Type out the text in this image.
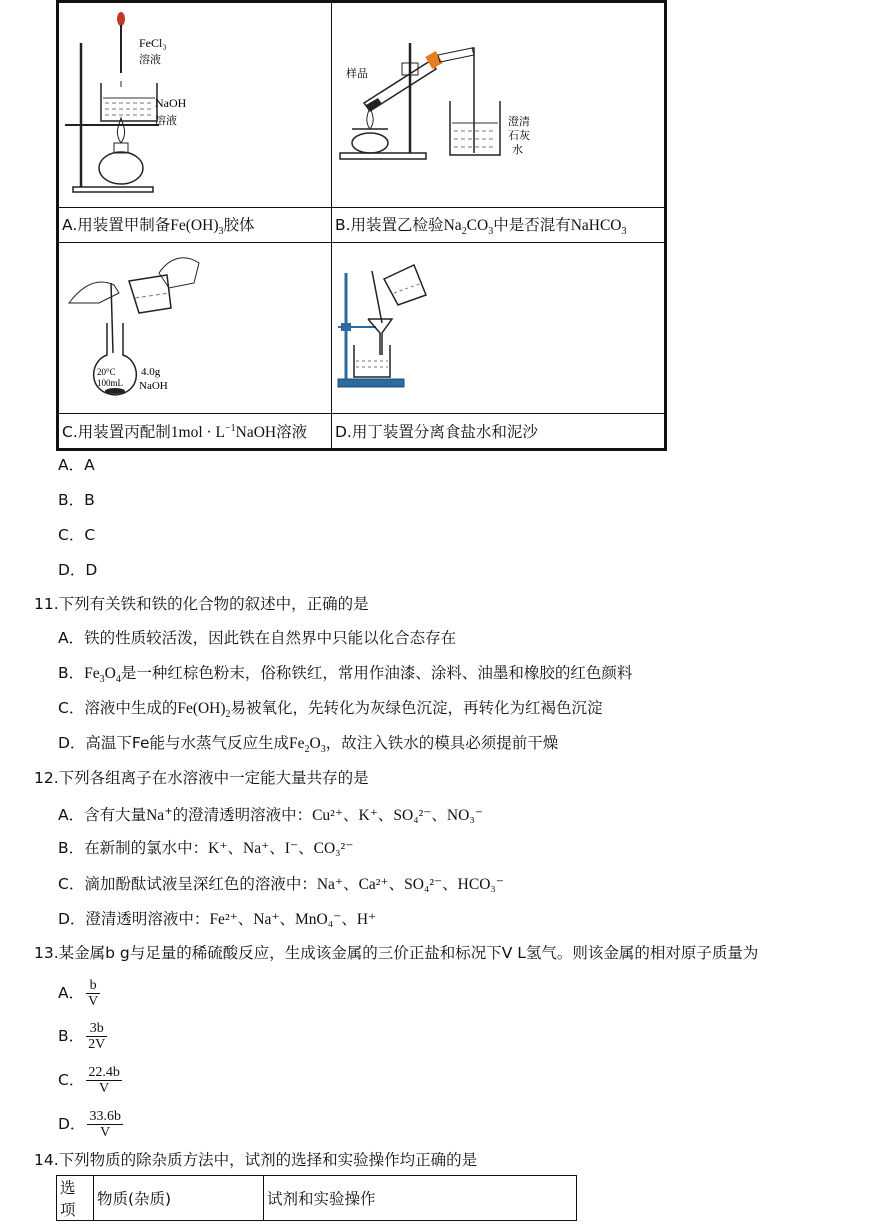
FeCl₃
溶液
NaOH
溶液	样品
澄清
石灰
水

A.用装置甲制备$Fe(OH)_3$胶体	B.用装置乙检验$Na_2CO_3$中是否混有NaHCO$_3$

20°C
100mL
4.0g
NaOH

C.用装置丙配制$1mol \cdot L^{-1}NaOH$溶液	D.用丁装置分离食盐水和泥沙
A．A
B．B
C．C
D．D
11.下列有关铁和铁的化合物的叙述中，正确的是
A．铁的性质较活泼，因此铁在自然界中只能以化合态存在
B．$Fe_3O_4$是一种红棕色粉末，俗称铁红，常用作油漆、涂料、油墨和橡胶的红色颜料
C．溶液中生成的$Fe(OH)_2$易被氧化，先转化为灰绿色沉淀，再转化为红褐色沉淀
D．高温下Fe能与水蒸气反应生成$Fe_2O_3$，故注入铁水的模具必须提前干燥
12.下列各组离子在水溶液中一定能大量共存的是
A．含有大量Na+的澄清透明溶液中：Cu²⁺、K⁺、SO₄²⁻、NO₃⁻
B．在新制的氯水中：K⁺、Na⁺、I⁻、CO₃²⁻
C．滴加酚酞试液呈深红色的溶液中：Na⁺、Ca²⁺、SO₄²⁻、HCO₃⁻
D．澄清透明溶液中：Fe²⁺、Na⁺、MnO₄⁻、H⁺
13.某金属b g与足量的稀硫酸反应，生成该金属的三价正盐和标况下V L氢气。则该金属的相对原子质量为
A． $\frac{b}{V}$
B． $\frac{3b}{2V}$
C． $\frac{22.4b}{V}$
D． $\frac{33.6b}{V}$
14.下列物质的除杂质方法中，试剂的选择和实验操作均正确的是
选项	物质(杂质)	试剂和实验操作
